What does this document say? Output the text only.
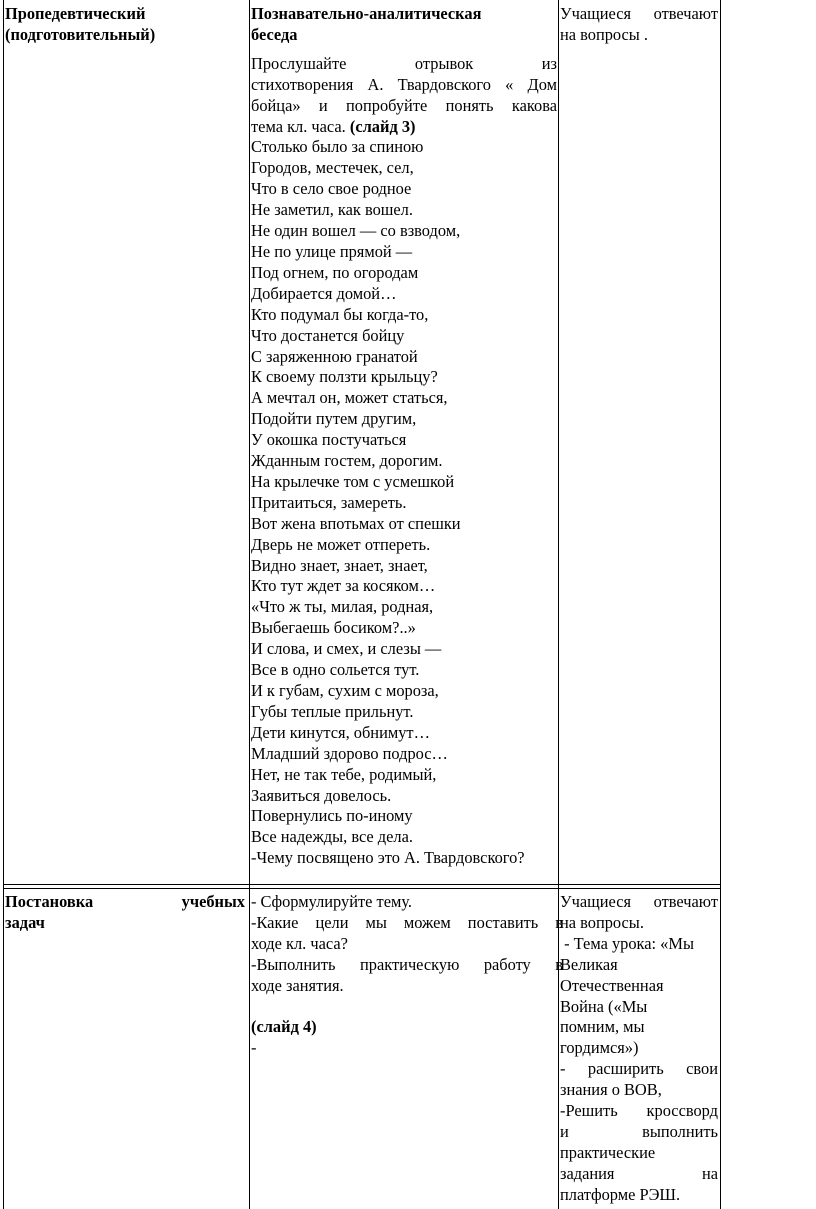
Пропедевтический
(подготовительный)
Познавательно-аналитическая
беседа
Прослушайте отрывок из
стихотворения А. Твардовского « Дом
бойца» и попробуйте понять какова
тема кл. часа. (слайд 3)
Столько было за спиною
Городов, местечек, сел,
Что в село свое родное
Не заметил, как вошел.
Не один вошел — со взводом,
Не по улице прямой —
Под огнем, по огородам
Добирается домой…
Кто подумал бы когда-то,
Что достанется бойцу
С заряженною гранатой
К своему ползти крыльцу?
А мечтал он, может статься,
Подойти путем другим,
У окошка постучаться
Жданным гостем, дорогим.
На крылечке том с усмешкой
Притаиться, замереть.
Вот жена впотьмах от спешки
Дверь не может отпереть.
Видно знает, знает, знает,
Кто тут ждет за косяком…
«Что ж ты, милая, родная,
Выбегаешь босиком?..»
И слова, и смех, и слезы —
Все в одно сольется тут.
И к губам, сухим с мороза,
Губы теплые прильнут.
Дети кинутся, обнимут…
Младший здорово подрос…
Нет, не так тебе, родимый,
Заявиться довелось.
Повернулись по-иному
Все надежды, все дела.
-Чему посвящено это А. Твардовского?
Учащиеся отвечают
на вопросы .
Постановка учебных
задач
- Сформулируйте тему.
-Какие цели мы можем поставить в
ходе кл. часа?
-Выполнить практическую работу в
ходе занятия.
(слайд 4)
-
Учащиеся отвечают
на вопросы.
- Тема урока: «Мы
Великая
Отечественная
Война («Мы
помним, мы
гордимся»)
- расширить свои
знания о ВОВ,
-Решить кроссворд
и выполнить
практические
задания на
платформе РЭШ.
